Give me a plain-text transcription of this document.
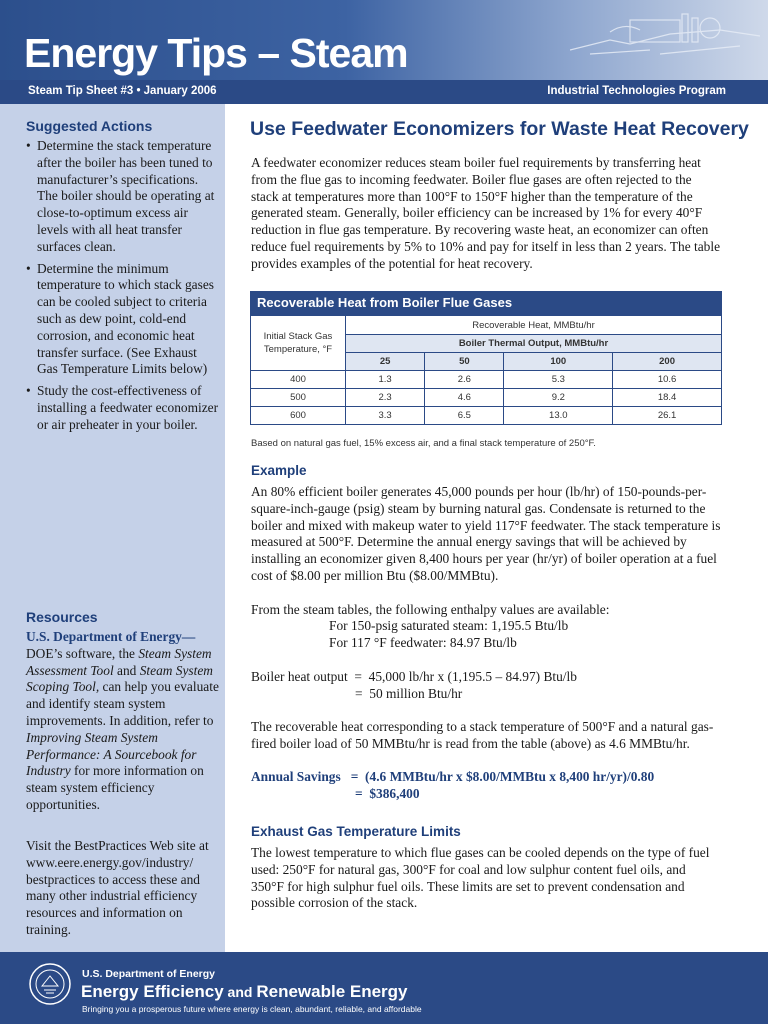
Energy Tips – Steam
Steam Tip Sheet #3 • January 2006	Industrial Technologies Program
Suggested Actions
• Determine the stack temperature after the boiler has been tuned to manufacturer’s specifications. The boiler should be operating at close-to-optimum excess air levels with all heat transfer surfaces clean.
• Determine the minimum temperature to which stack gases can be cooled subject to criteria such as dew point, cold-end corrosion, and economic heat transfer surface. (See Exhaust Gas Temperature Limits below)
• Study the cost-effectiveness of installing a feedwater economizer or air preheater in your boiler.
Resources
U.S. Department of Energy— DOE’s software, the Steam System Assessment Tool and Steam System Scoping Tool, can help you evaluate and identify steam system improvements. In addition, refer to Improving Steam System Performance: A Sourcebook for Industry for more information on steam system efficiency opportunities.
Visit the BestPractices Web site at www.eere.energy.gov/industry/ bestpractices to access these and many other industrial efficiency resources and information on training.
Use Feedwater Economizers for Waste Heat Recovery
A feedwater economizer reduces steam boiler fuel requirements by transferring heat from the flue gas to incoming feedwater. Boiler flue gases are often rejected to the stack at temperatures more than 100°F to 150°F higher than the temperature of the generated steam. Generally, boiler efficiency can be increased by 1% for every 40°F reduction in flue gas temperature. By recovering waste heat, an economizer can often reduce fuel requirements by 5% to 10% and pay for itself in less than 2 years. The table provides examples of the potential for heat recovery.
Recoverable Heat from Boiler Flue Gases
Initial Stack Gas Temperature, °F	Recoverable Heat, MMBtu/hr			
	Boiler Thermal Output, MMBtu/hr			
	25	50	100	200
400	1.3	2.6	5.3	10.6
500	2.3	4.6	9.2	18.4
600	3.3	6.5	13.0	26.1
Based on natural gas fuel, 15% excess air, and a final stack temperature of 250°F.
Example
An 80% efficient boiler generates 45,000 pounds per hour (lb/hr) of 150-pounds-per-square-inch-gauge (psig) steam by burning natural gas. Condensate is returned to the boiler and mixed with makeup water to yield 117°F feedwater. The stack temperature is measured at 500°F. Determine the annual energy savings that will be achieved by installing an economizer given 8,400 hours per year (hr/yr) of boiler operation at a fuel cost of $8.00 per million Btu ($8.00/MMBtu).
From the steam tables, the following enthalpy values are available:
For 150-psig saturated steam: 1,195.5 Btu/lb
For 117 °F feedwater: 84.97 Btu/lb
Boiler heat output  =  45,000 lb/hr x (1,195.5 – 84.97) Btu/lb
=  50 million Btu/hr
The recoverable heat corresponding to a stack temperature of 500°F and a natural gas-fired boiler load of 50 MMBtu/hr is read from the table (above) as 4.6 MMBtu/hr.
Annual Savings   =  (4.6 MMBtu/hr x $8.00/MMBtu x 8,400 hr/yr)/0.80
=  $386,400
Exhaust Gas Temperature Limits
The lowest temperature to which flue gases can be cooled depends on the type of fuel used: 250°F for natural gas, 300°F for coal and low sulphur content fuel oils, and 350°F for high sulphur fuel oils. These limits are set to prevent condensation and possible corrosion of the stack.
U.S. Department of Energy
Energy Efficiency and Renewable Energy
Bringing you a prosperous future where energy is clean, abundant, reliable, and affordable
